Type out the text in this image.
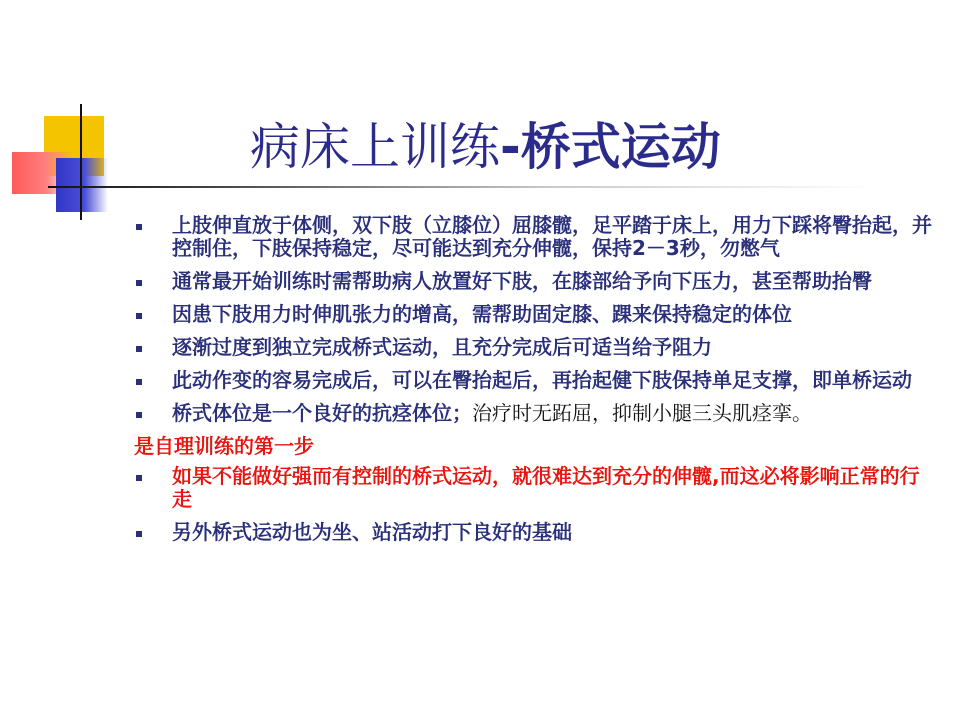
病床上训练-桥式运动
上肢伸直放于体侧，双下肢（立膝位）屈膝髋，足平踏于床上，用力下踩将臀抬起，并控制住，下肢保持稳定，尽可能达到充分伸髋，保持2－3秒，勿憋气
通常最开始训练时需帮助病人放置好下肢，在膝部给予向下压力，甚至帮助抬臀
因患下肢用力时伸肌张力的增高，需帮助固定膝、踝来保持稳定的体位
逐渐过度到独立完成桥式运动，且充分完成后可适当给予阻力
此动作变的容易完成后，可以在臀抬起后，再抬起健下肢保持单足支撑，即单桥运动
桥式体位是一个良好的抗痉体位；治疗时无跖屈，抑制小腿三头肌痉挛。
是自理训练的第一步
如果不能做好强而有控制的桥式运动，就很难达到充分的伸髋,而这必将影响正常的行走
另外桥式运动也为坐、站活动打下良好的基础
